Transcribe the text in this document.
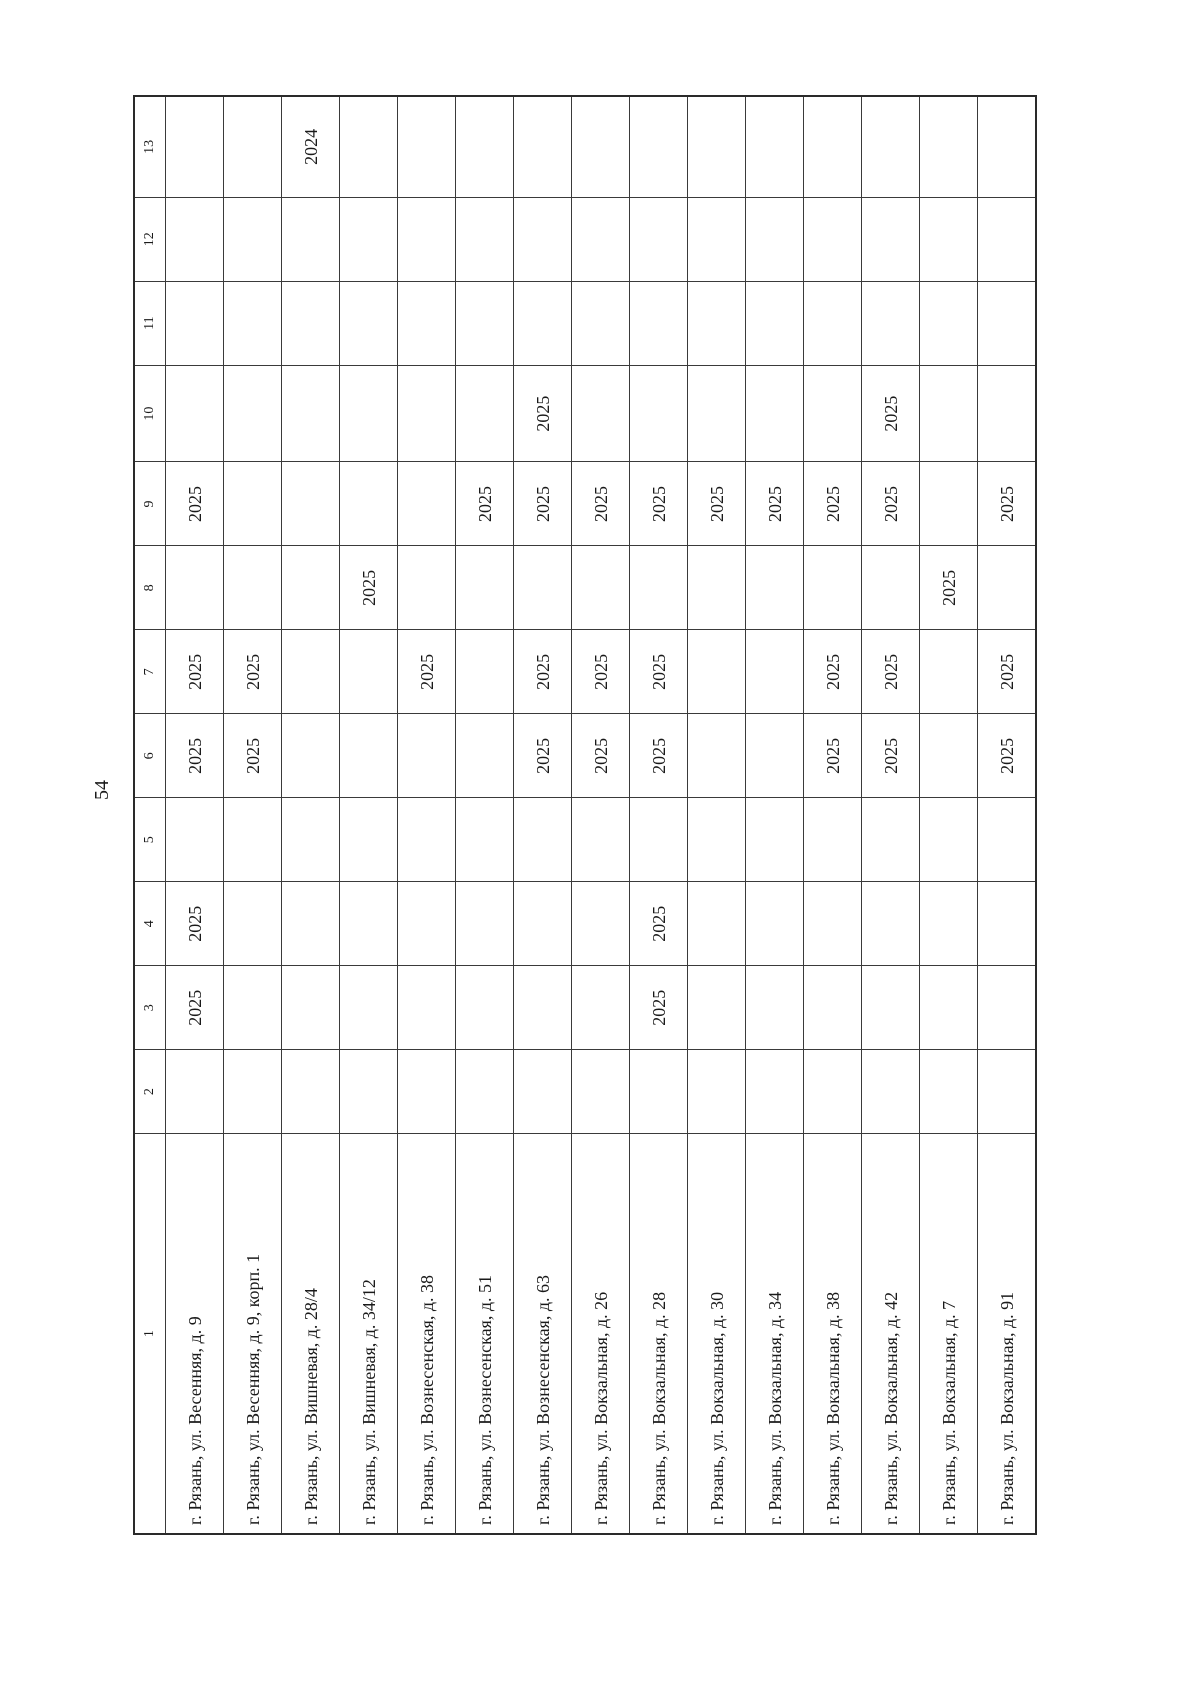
54
1	2	3	4	5	6	7	8	9	10	11	12	13
г. Рязань, ул. Весенняя, д. 9		2025	2025		2025	2025		2025				
г. Рязань, ул. Весенняя, д. 9, корп. 1					2025	2025						
г. Рязань, ул. Вишневая, д. 28/4												2024
г. Рязань, ул. Вишневая, д. 34/12							2025					
г. Рязань, ул. Вознесенская, д. 38						2025						
г. Рязань, ул. Вознесенская, д. 51								2025				
г. Рязань, ул. Вознесенская, д. 63					2025	2025		2025	2025			
г. Рязань, ул. Вокзальная, д. 26					2025	2025		2025				
г. Рязань, ул. Вокзальная, д. 28		2025	2025		2025	2025		2025				
г. Рязань, ул. Вокзальная, д. 30								2025				
г. Рязань, ул. Вокзальная, д. 34								2025				
г. Рязань, ул. Вокзальная, д. 38					2025	2025		2025				
г. Рязань, ул. Вокзальная, д. 42					2025	2025		2025	2025			
г. Рязань, ул. Вокзальная, д. 7							2025					
г. Рязань, ул. Вокзальная, д. 91					2025	2025		2025				
